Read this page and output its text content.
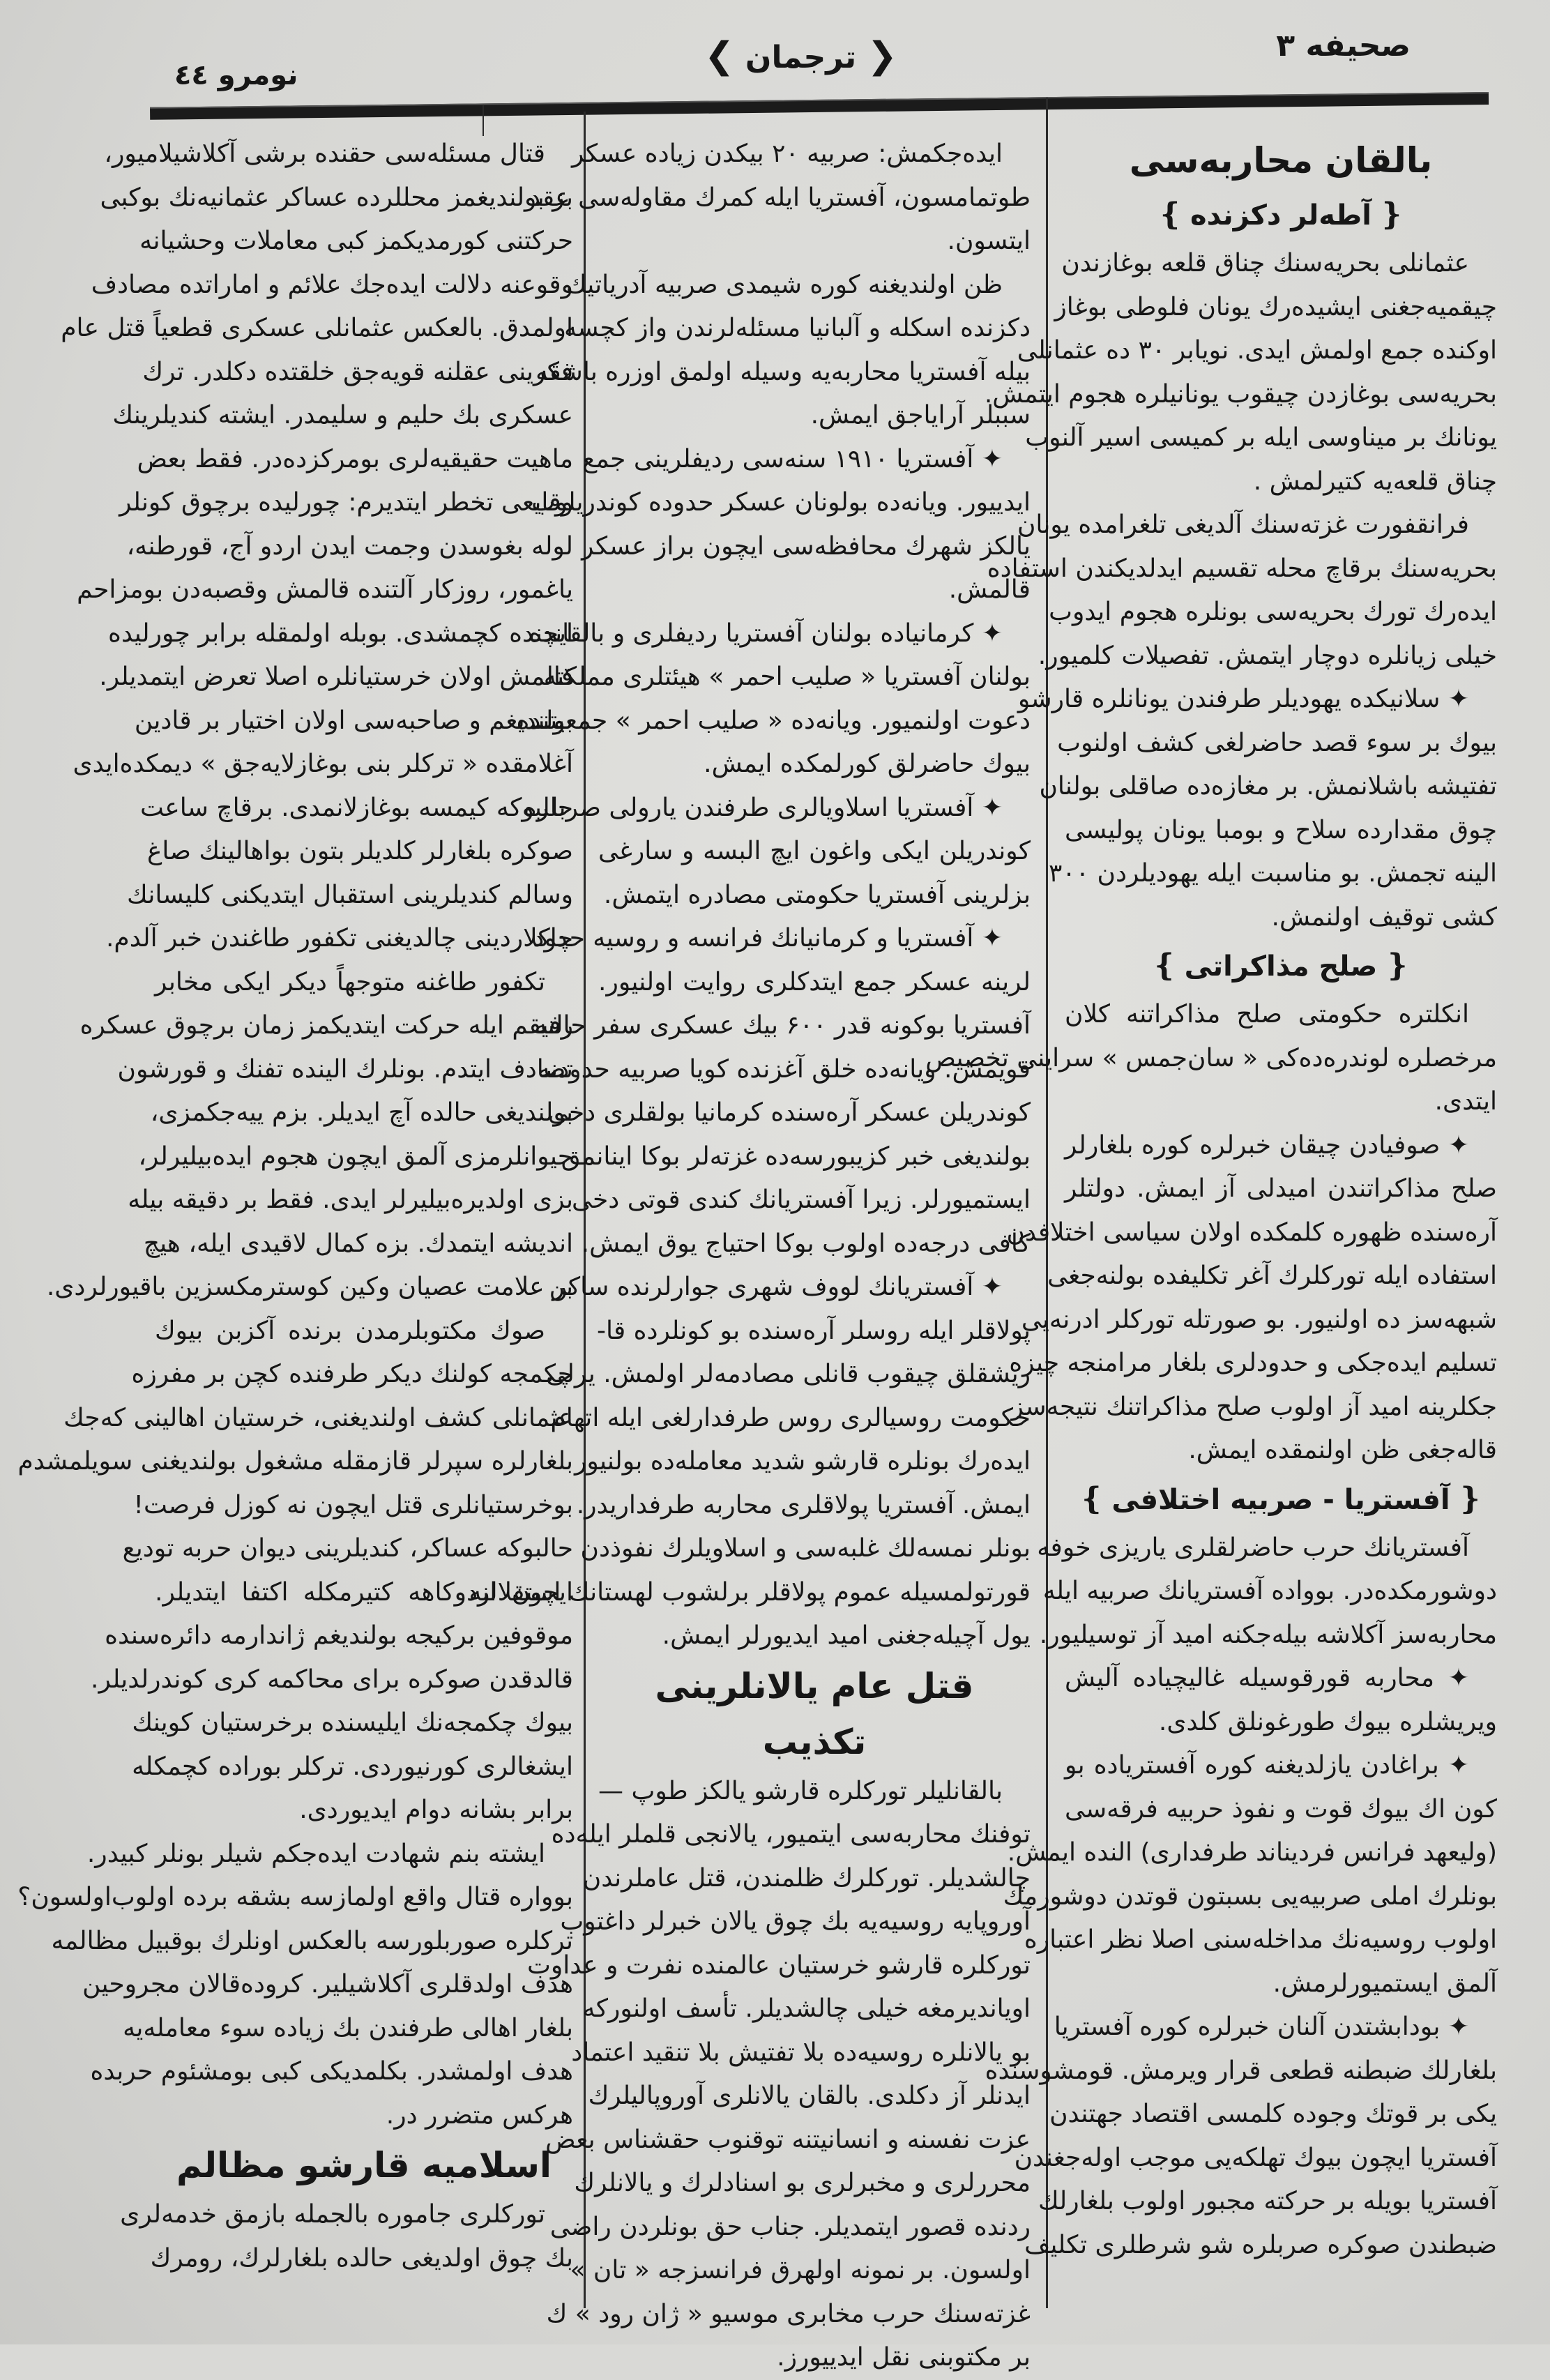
صحیفه ۳
❮ ترجمان ❯
نومرو ٤٤
بالقان محاربه‌سی
❴آطه‌لر دكزنده❵
عثمانلی بحریه‌سنك چناق قلعه بوغازندن
چیقمیه‌جغنی ایشیده‌رك یونان فلوطی بوغاز
اوكنده جمع اولمش ایدی. نویابر ۳۰ ده عثمانلی
بحریه‌سی بوغازدن چیقوب یونانیلره هجوم ایتمش.
یونانك بر میناوسی ایله بر كمیسی اسیر آلنوب
چناق قلعه‌یه كتیرلمش .
فرانقفورت غزته‌سنك آلدیغی تلغرامده یونان
بحریه‌سنك برقاچ محله تقسیم ایدلدیكندن استفاده
ایده‌رك تورك بحریه‌سی بونلره هجوم ایدوب
خیلی زیانلره دوچار ایتمش. تفصیلات كلمیور.
✦ سلانیكده یهودیلر طرفندن یونانلره قارشو
بیوك بر سوء قصد حاضرلغی كشف اولنوب
تفتیشه باشلانمش. بر مغازه‌ده صاقلی بولنان
چوق مقدارده سلاح و بومبا یونان پولیسی
الینه تجمش. بو مناسبت ایله یهودیلردن ۳۰۰
كشی توقیف اولنمش.
❴صلح مذاكراتی❵
انكلتره حكومتی صلح مذاكراتنه كلان
مرخصلره لوندره‌ده‌كی « سان‌جمس » سراینی تخصیص
ایتدی.
✦ صوفیادن چیقان خبرلره كوره بلغارلر
صلح مذاكراتندن امیدلی آز ایمش. دولتلر
آره‌سنده ظهوره كلمكده اولان سیاسی اختلافدن
استفاده ایله توركلرك آغر تكلیفده بولنه‌جغی
شبهه‌سز ده اولنیور. بو صورتله توركلر ادرنه‌یی
تسلیم ایده‌جكی و حدودلری بلغار مرامنجه چیزه
جكلرینه امید آز اولوب صلح مذاكراتنك نتیجه‌سز
قاله‌جغی ظن اولنمقده ایمش.
❴آفستریا - صربیه اختلافی❵
آفستریانك حرب حاضرلقلری یاریزی خوفه
دوشورمكده‌در. بوواده آفستریانك صربیه ایله
محاربه‌سز آكلاشه بیله‌جكنه امید آز توسیلیور.
✦ محاربه قورقوسیله غالیچیاده آلیش
ویریشلره بیوك طورغونلق كلدی.
✦ براغادن یازلدیغنه كوره آفستریاده بو
كون اك بیوك قوت و نفوذ حربیه فرقه‌سی
(ولیعهد فرانس فردیناند طرفداری) النده ایمش.
بونلرك املی صربیه‌یی بسبتون قوتدن دوشورمك
اولوب روسیه‌نك مداخله‌سنی اصلا نظر اعتباره
آلمق ایستمیورلرمش.
✦ بودابشتدن آلنان خبرلره كوره آفستریا
بلغارلك ضبطنه قطعی قرار ویرمش. قومشوسنده
یكی بر قوتك وجوده كلمسی اقتصاد جهتندن
آفستریا ایچون بیوك تهلكه‌یی موجب اوله‌جغندن
آفستریا بویله بر حركته مجبور اولوب بلغارلك
ضبطندن صوكره صربلره شو شرطلری تكلیف
ایده‌جكمش: صربیه ۲۰ بیكدن زیاده عسكر
طوتمامسون، آفستریا ایله كمرك مقاوله‌سی عقد
ایتسون.
ظن اولندیغنه كوره شیمدی صربیه آدریاتیك
دكزنده اسكله و آلبانیا مسئله‌لرندن واز كچسه
بیله آفستریا محاربه‌یه وسیله اولمق اوزره باشقه
سببلر آرایاجق ایمش.
✦ آفستریا ۱۹۱۰ سنه‌سی ردیفلرینی جمع
ایدییور. ویانه‌ده بولونان عسكر حدوده كوندریلوب
یالكز شهرك محافظه‌سی ایچون براز عسكر
قالمش.
✦ كرمانیاده بولنان آفستریا ردیفلری و بالقانده
بولنان آفستریا « صلیب احمر » هیئتلری مملكته
دعوت اولنمیور. ویانه‌ده « صلیب احمر » جمعیتنده
بیوك حاضرلق كورلمكده ایمش.
✦ آفستریا اسلاویالری طرفندن یارولی صربلره
كوندریلن ایكی واغون ایچ البسه و سارغی
بزلرینی آفستریا حكومتی مصادره ایتمش.
✦ آفستریا و كرمانیانك فرانسه و روسیه حدود
لرینه عسكر جمع ایتدكلری روایت اولنیور.
آفستریا بوكونه قدر ۶۰۰ بیك عسكری سفر حالنه
قویمش. ویانه‌ده خلق آغزنده كویا صربیه حدودنه
كوندریلن عسكر آره‌سنده كرمانیا بولقلری دخی
بولندیغی خبر كزیبورسه‌ده غزته‌لر بوكا اینانمق
ایستمیورلر. زیرا آفستریانك كندی قوتی دخی
كافی درجه‌ده اولوب بوكا احتیاج یوق ایمش.
✦ آفستریانك لووف شهری جوارلرنده ساكن
پولاقلر ایله روسلر آره‌سنده بو كونلرده قا-
ریشقلق چیقوب قانلی مصادمه‌لر اولمش. یرلی
حكومت روسیالری روس طرفدارلغی ایله اتهام
ایده‌رك بونلره قارشو شدید معامله‌ده بولنیور
ایمش. آفستریا پولاقلری محاربه طرفداریدر.
بونلر نمسه‌لك غلبه‌سی و اسلاویلرك نفوذدن
قورتولمسیله عموم پولاقلر برلشوب لهستانك استقلالنه
یول آچیله‌جغنی امید ایدیورلر ایمش.
قتل عام یالانلرینی تكذیب
بالقانلیلر توركلره قارشو یالكز طوپ —
توفنك محاربه‌سی ایتمیور، یالانجی قلملر ایله‌ده
چالشدیلر. توركلرك ظلمندن، قتل عاملرندن
آوروپایه روسیه‌یه بك چوق یالان خبرلر داغتوب
توركلره قارشو خرستیان عالمنده نفرت و عداوت
اویاندیرمغه خیلی چالشدیلر. تأسف اولنوركه
بو یالانلره روسیه‌ده بلا تفتیش بلا تنقید اعتماد
ایدنلر آز دكلدی. بالقان یالانلری آوروپالیلرك
عزت نفسنه و انسانیتنه توقنوب حقشناس بعض
محررلری و مخبرلری بو اسنادلرك و یالانلرك
ردنده قصور ایتمدیلر. جناب حق بونلردن راضی
اولسون. بر نمونه اولهرق فرانسزجه « تان »
غزته‌سنك حرب مخابری موسیو « ژان رود » ك
بر مكتوبنی نقل ایدییورز.
قتال مسئله‌سی حقنده برشی آكلاشیلامیور،
بز بولندیغمز محللرده عساكر عثمانیه‌نك بوكبی
حركتنی كورمدیكمز كبی معاملات وحشیانه
وقوعنه دلالت ایده‌جك علائم و اماراتده مصادف
اولمدق. بالعكس عثمانلی عسكری قطعیاً قتل عام
فكرینی عقلنه قویه‌جق خلقتده دكلدر. ترك
عسكری بك حلیم و سلیمدر. ایشته كندیلرینك
ماهیت حقیقیه‌لری بومركزده‌در. فقط بعض
وقایعی تخطر ایتدیرم: چورلیده برچوق كونلر
لولە بغوسدن وجمت ایدن اردو آج، قورطنه،
یاغمور، روزكار آلتنده قالمش وقصبه‌دن بومزاحم
ایچنده كچمشدی. بوبله اولمقله برابر چورلیده
قالمش اولان خرستیانلره اصلا تعرض ایتمدیلر.
بولندیغم و صاحبه‌سی اولان اختیار بر قادین
آغلامقده « تركلر بنی بوغازلایه‌جق » دیمكده‌ایدی
حالبوكه كیمسه بوغازلانمدی. برقاچ ساعت
صوكره بلغارلر كلدیلر بتون بواهالینك صاغ
وسالم كندیلرینی استقبال ایتدیكنی كلیسانك
چاكلاردینی چالدیغنی تكفور طاغندن خبر آلدم.
تكفور طاغنه متوجهاً دیكر ایكی مخابر
رفیقم ایله حركت ایتدیكمز زمان برچوق عسكره
تصادف ایتدم. بونلرك الینده تفنك و قورشون
بولندیغی حالده آچ ایدیلر. بزم ییه‌جكمزی،
حیوانلرمزی آلمق ایچون هجوم ایده‌بیلیرلر،
بزی اولدیره‌بیلیرلر ایدی. فقط بر دقیقه بیله
اندیشه ایتمدك. بزه كمال لاقیدی ایله، هیچ
بر علامت عصیان وكین كوسترمكسزین باقیورلردی.
صوك مكتوبلرمدن برنده آكزبن بیوك
چكمجه كولنك دیكر طرفنده كچن بر مفرزه
عثمانلی كشف اولندیغنی، خرستیان اهالینی كه‌جك
بلغارلره سپرلر قازمقله مشغول بولندیغنی سویلمشدم
بوخرستیانلری قتل ایچون نه كوزل فرصت!
حالبوكه عساكر، كندیلرینی دیوان حربه تودیع
ایچون اردوكاهه كتیرمكله اكتفا ایتدیلر.
موقوفین بركیجه بولندیغم ژاندارمه دائره‌سنده
قالدقدن صوكره برای محاكمه كری كوندرلدیلر.
بیوك چكمجه‌نك ایلیسنده برخرستیان كوینك
ایشغالری كورنیوردی. تركلر بوراده كچمكله
برابر بشانه دوام ایدیوردی.
ایشته بنم شهادت ایده‌جكم شیلر بونلر كبیدر.
بوواره قتال واقع اولمازسه بشقه برده اولوب‌اولسون؟
تركلره صوربلورسه بالعكس اونلرك بوقبیل مظالمه
هدف اولدقلری آكلاشیلیر. كروده‌قالان مجروحین
بلغار اهالی طرفندن بك زیاده سوء معامله‌یه
هدف اولمشدر. بكلمدیكی كبی بومشئوم حربده
هركس متضرر در.
اسلامیه قارشو مظالم
توركلری جاموره بالجمله بازمق خدمه‌لری
بك چوق اولدیغی حالده بلغارلرك، رومرك
